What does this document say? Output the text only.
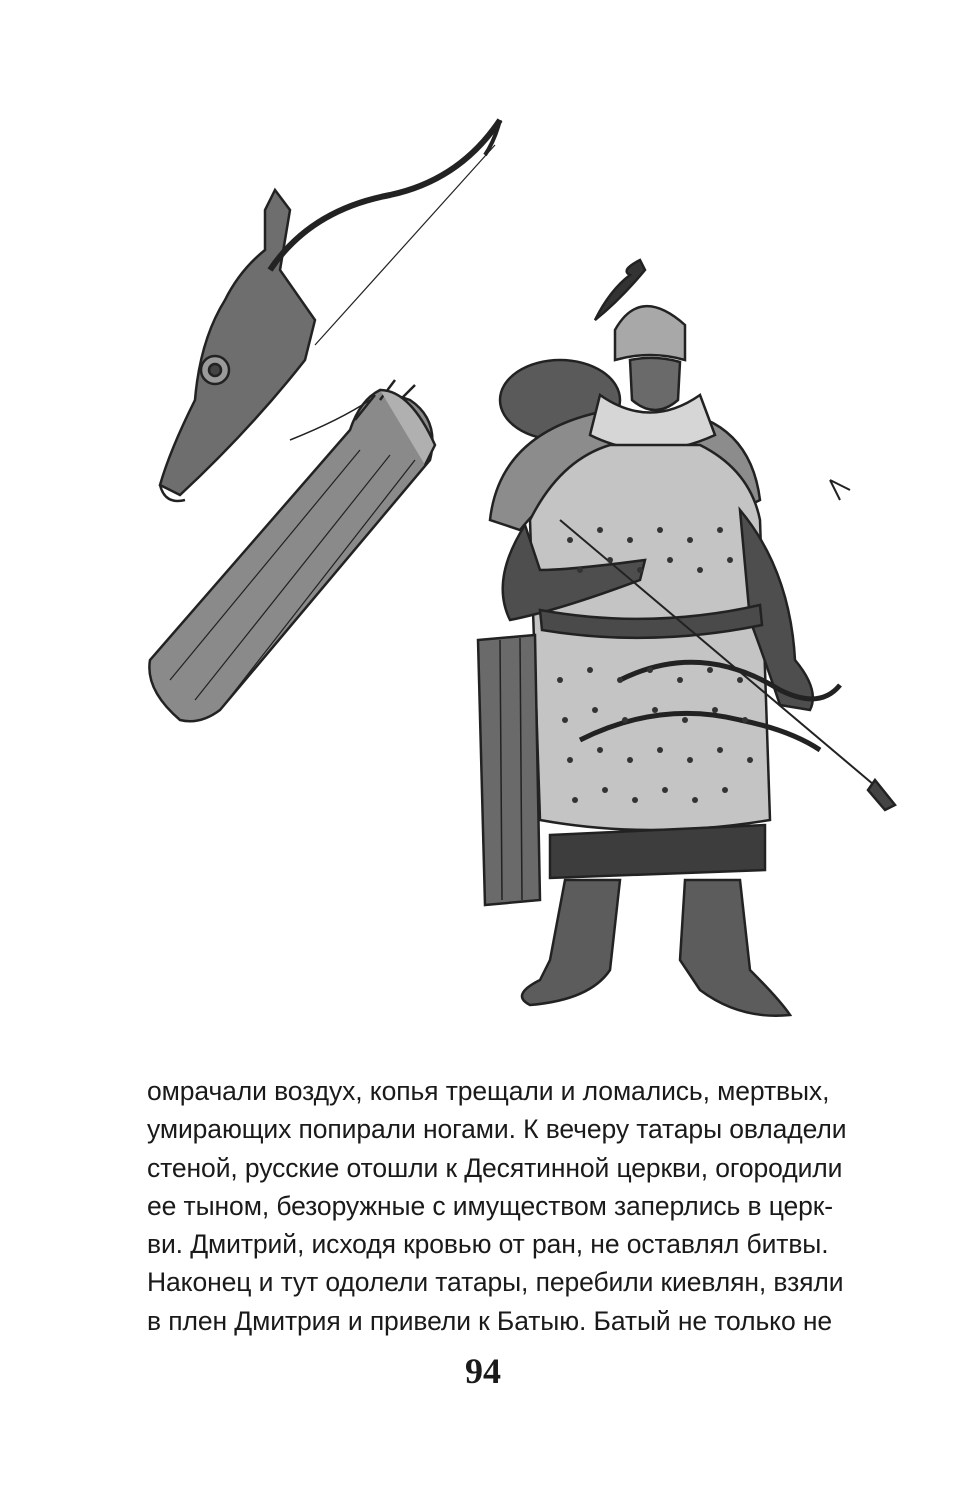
омрачали воздух, копья трещали и ломались, мертвых,
умирающих попирали ногами. К вечеру татары овладели
стеной, русские отошли к Десятинной церкви, огородили
ее тыном, безоружные с имуществом заперлись в церк-
ви. Дмитрий, исходя кровью от ран, не оставлял битвы.
Наконец и тут одолели татары, перебили киевлян, взяли
в плен Дмитрия и привели к Батыю. Батый не только не

94
